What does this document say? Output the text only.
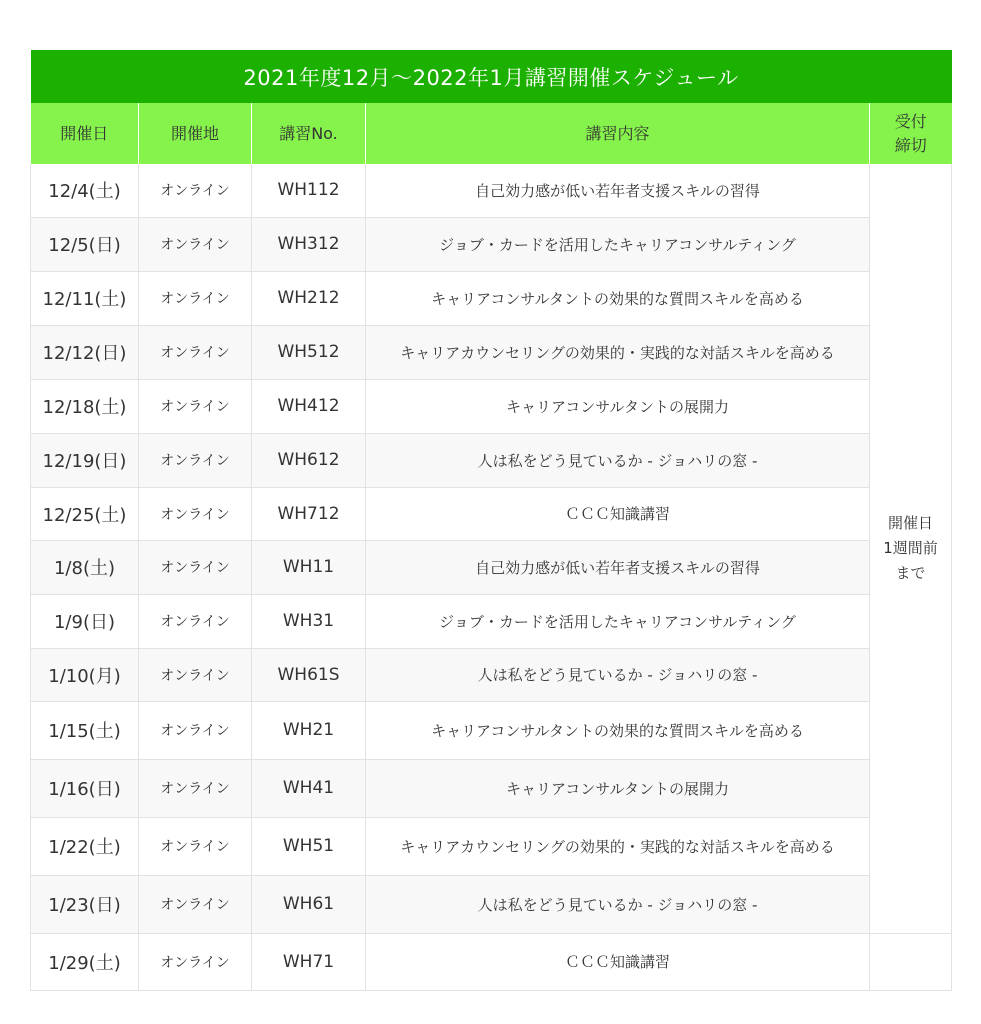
2021年度12月〜2022年1月講習開催スケジュール				
開催日	開催地	講習No.	講習内容	受付
締切

12/4(土)	オンライン	WH112	自己効力感が低い若年者支援スキルの習得	開催日
1週間前
まで

12/5(日)	オンライン	WH312	ジョブ・カードを活用したキャリアコンサルティング	
12/11(土)	オンライン	WH212	キャリアコンサルタントの効果的な質問スキルを高める	
12/12(日)	オンライン	WH512	キャリアカウンセリングの効果的・実践的な対話スキルを高める	
12/18(土)	オンライン	WH412	キャリアコンサルタントの展開力	
12/19(日)	オンライン	WH612	人は私をどう見ているか - ジョハリの窓 -	
12/25(土)	オンライン	WH712	ＣＣＣ知識講習	
1/8(土)	オンライン	WH11	自己効力感が低い若年者支援スキルの習得	
1/9(日)	オンライン	WH31	ジョブ・カードを活用したキャリアコンサルティング	
1/10(月)	オンライン	WH61S	人は私をどう見ているか - ジョハリの窓 -	
1/15(土)	オンライン	WH21	キャリアコンサルタントの効果的な質問スキルを高める	
1/16(日)	オンライン	WH41	キャリアコンサルタントの展開力	
1/22(土)	オンライン	WH51	キャリアカウンセリングの効果的・実践的な対話スキルを高める	
1/23(日)	オンライン	WH61	人は私をどう見ているか - ジョハリの窓 -	
1/29(土)	オンライン	WH71	ＣＣＣ知識講習	
